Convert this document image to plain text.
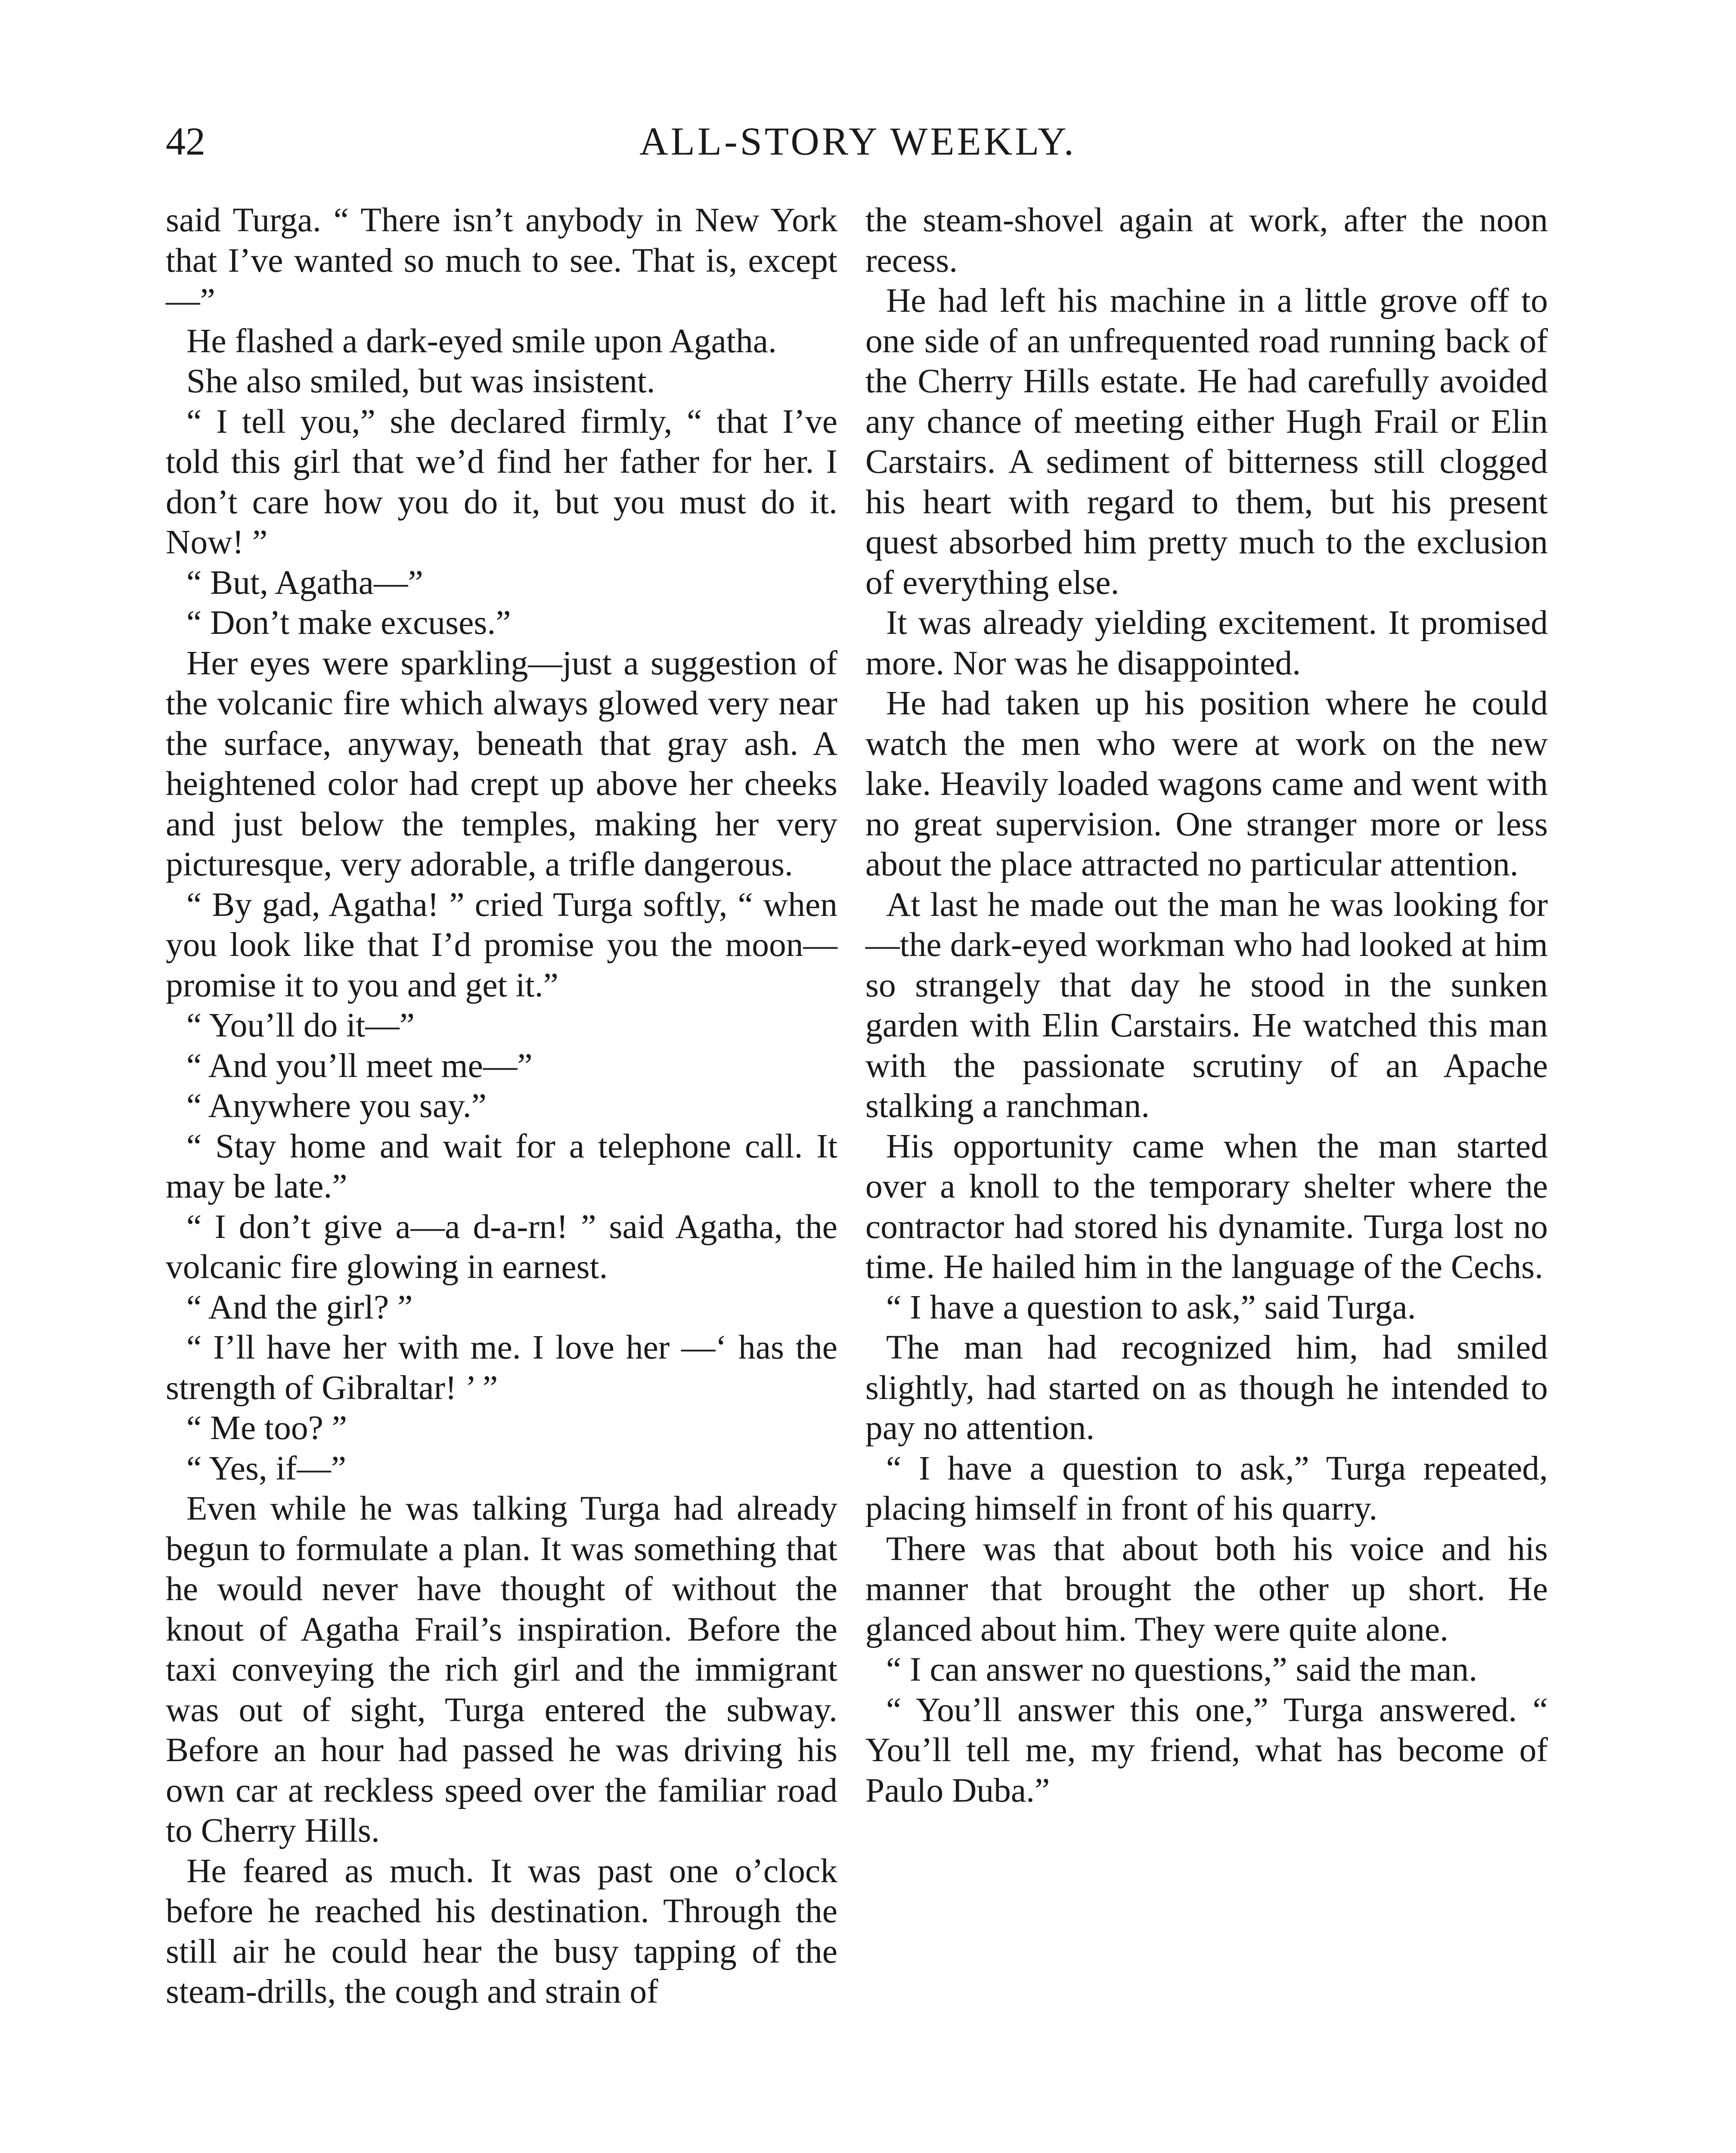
42	ALL-STORY WEEKLY.

said Turga. “ There isn’t anybody in New York that I’ve wanted so much to see. That is, except—”

He flashed a dark-eyed smile upon Agatha.

She also smiled, but was insistent.

“ I tell you,” she declared firmly, “ that I’ve told this girl that we’d find her father for her. I don’t care how you do it, but you must do it. Now! ”

“ But, Agatha—”

“ Don’t make excuses.”

Her eyes were sparkling—just a suggestion of the volcanic fire which always glowed very near the surface, anyway, beneath that gray ash. A heightened color had crept up above her cheeks and just below the temples, making her very picturesque, very adorable, a trifle dangerous.

“ By gad, Agatha! ” cried Turga softly, “ when you look like that I’d promise you the moon—promise it to you and get it.”

“ You’ll do it—”

“ And you’ll meet me—”

“ Anywhere you say.”

“ Stay home and wait for a telephone call. It may be late.”

“ I don’t give a—a d-a-rn! ” said Agatha, the volcanic fire glowing in earnest.

“ And the girl? ”

“ I’ll have her with me. I love her —‘ has the strength of Gibraltar! ’ ”

“ Me too? ”

“ Yes, if—”

Even while he was talking Turga had already begun to formulate a plan. It was something that he would never have thought of without the knout of Agatha Frail’s inspiration. Before the taxi conveying the rich girl and the immigrant was out of sight, Turga entered the subway. Before an hour had passed he was driving his own car at reckless speed over the familiar road to Cherry Hills.

He feared as much. It was past one o’clock before he reached his destination. Through the still air he could hear the busy tapping of the steam-drills, the cough and strain of

the steam-shovel again at work, after the noon recess.

He had left his machine in a little grove off to one side of an unfrequented road running back of the Cherry Hills estate. He had carefully avoided any chance of meeting either Hugh Frail or Elin Carstairs. A sediment of bitterness still clogged his heart with regard to them, but his present quest absorbed him pretty much to the exclusion of everything else.

It was already yielding excitement. It promised more. Nor was he disappointed.

He had taken up his position where he could watch the men who were at work on the new lake. Heavily loaded wagons came and went with no great supervision. One stranger more or less about the place attracted no particular attention.

At last he made out the man he was looking for—the dark-eyed workman who had looked at him so strangely that day he stood in the sunken garden with Elin Carstairs. He watched this man with the passionate scrutiny of an Apache stalking a ranchman.

His opportunity came when the man started over a knoll to the temporary shelter where the contractor had stored his dynamite. Turga lost no time. He hailed him in the language of the Cechs.

“ I have a question to ask,” said Turga.

The man had recognized him, had smiled slightly, had started on as though he intended to pay no attention.

“ I have a question to ask,” Turga repeated, placing himself in front of his quarry.

There was that about both his voice and his manner that brought the other up short. He glanced about him. They were quite alone.

“ I can answer no questions,” said the man.

“ You’ll answer this one,” Turga answered. “ You’ll tell me, my friend, what has become of Paulo Duba.”
